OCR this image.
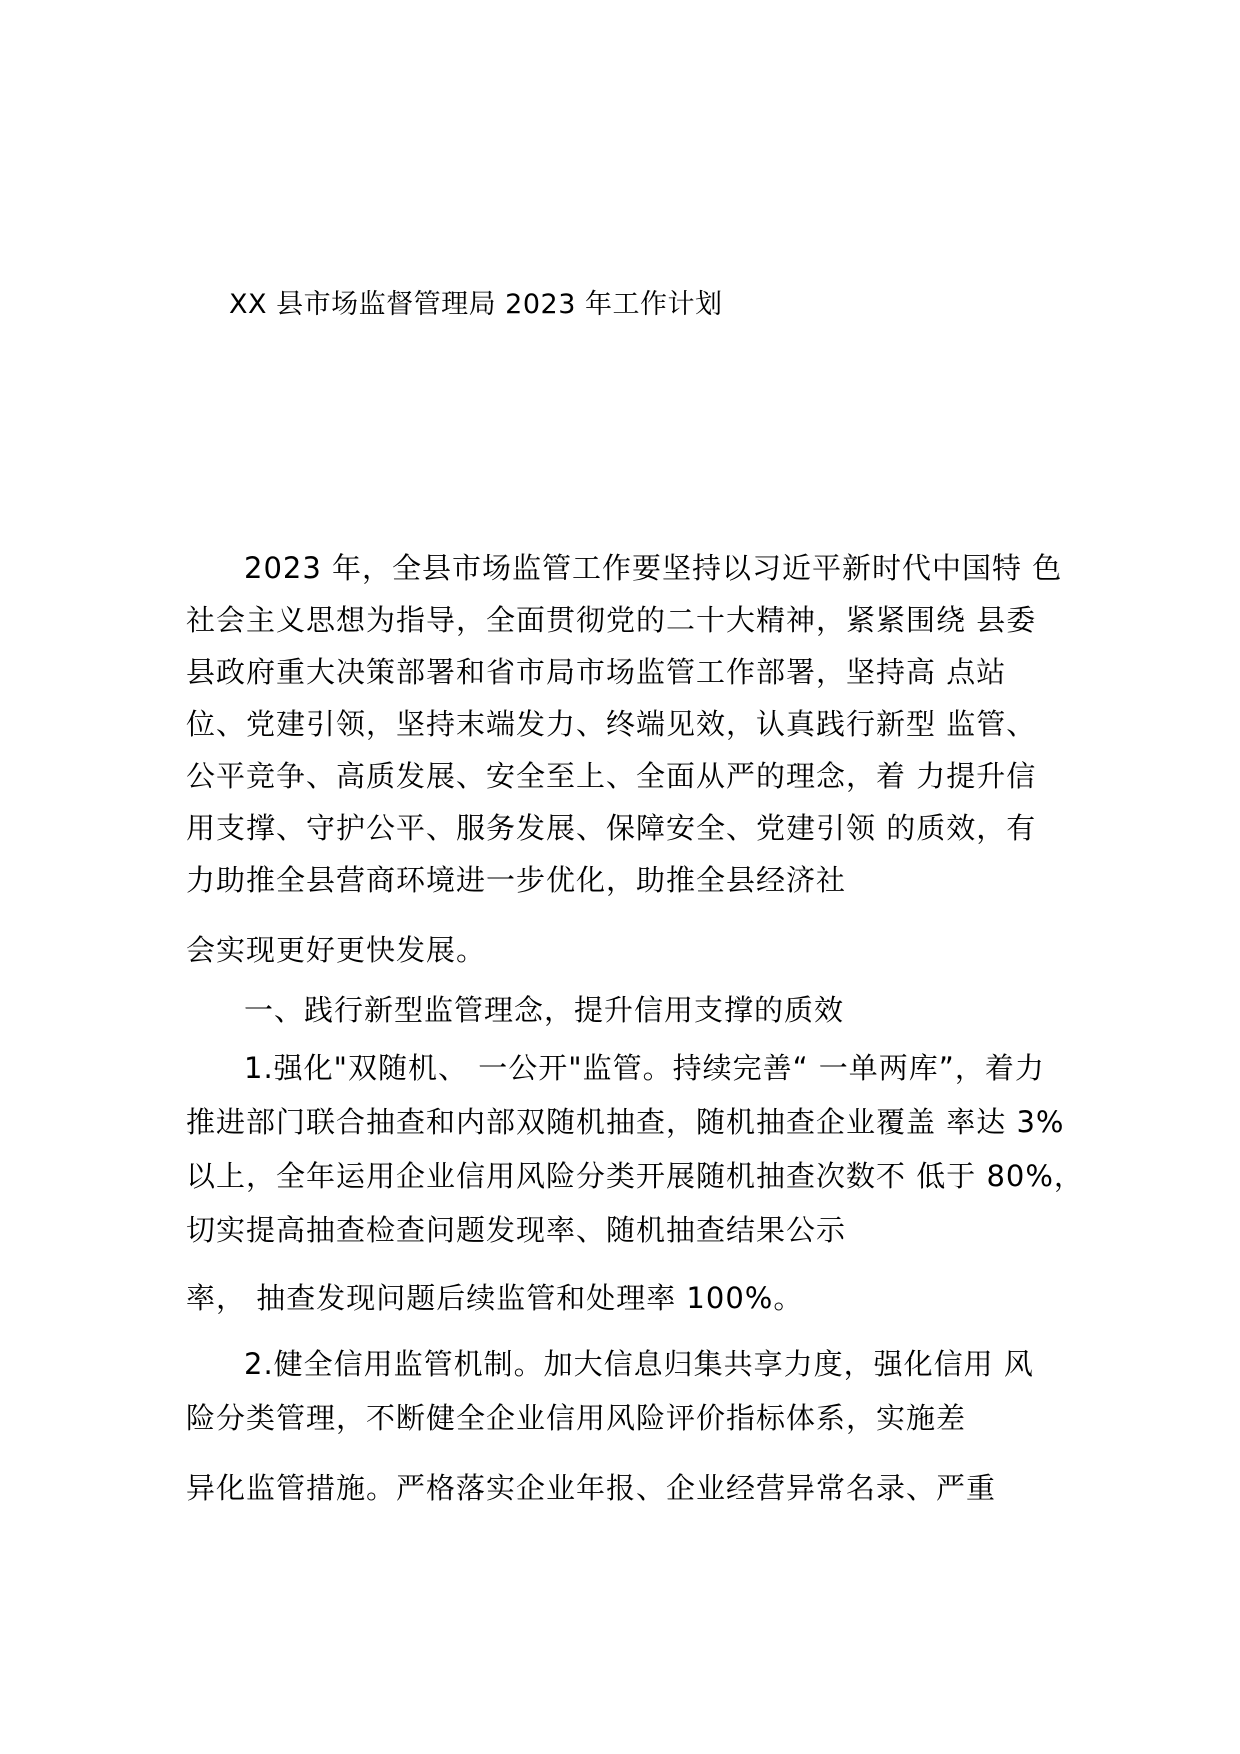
XX 县市场监督管理局 2023 年工作计划
2023 年，全县市场监管工作要坚持以习近平新时代中国特 色
社会主义思想为指导，全面贯彻党的二十大精神，紧紧围绕 县委
县政府重大决策部署和省市局市场监管工作部署，坚持高 点站
位、党建引领，坚持末端发力、终端见效，认真践行新型 监管、
公平竞争、高质发展、安全至上、全面从严的理念，着 力提升信
用支撑、守护公平、服务发展、保障安全、党建引领 的质效，有
力助推全县营商环境进一步优化，助推全县经济社
会实现更好更快发展。
一、践行新型监管理念，提升信用支撑的质效
1.强化"双随机、 一公开"监管。持续完善“ 一单两库”，着力
推进部门联合抽查和内部双随机抽查，随机抽查企业覆盖 率达 3%
以上，全年运用企业信用风险分类开展随机抽查次数不 低于 80%，
切实提高抽查检查问题发现率、随机抽查结果公示
率， 抽查发现问题后续监管和处理率 100%。
2.健全信用监管机制。加大信息归集共享力度，强化信用 风
险分类管理，不断健全企业信用风险评价指标体系，实施差
异化监管措施。严格落实企业年报、企业经营异常名录、严重
